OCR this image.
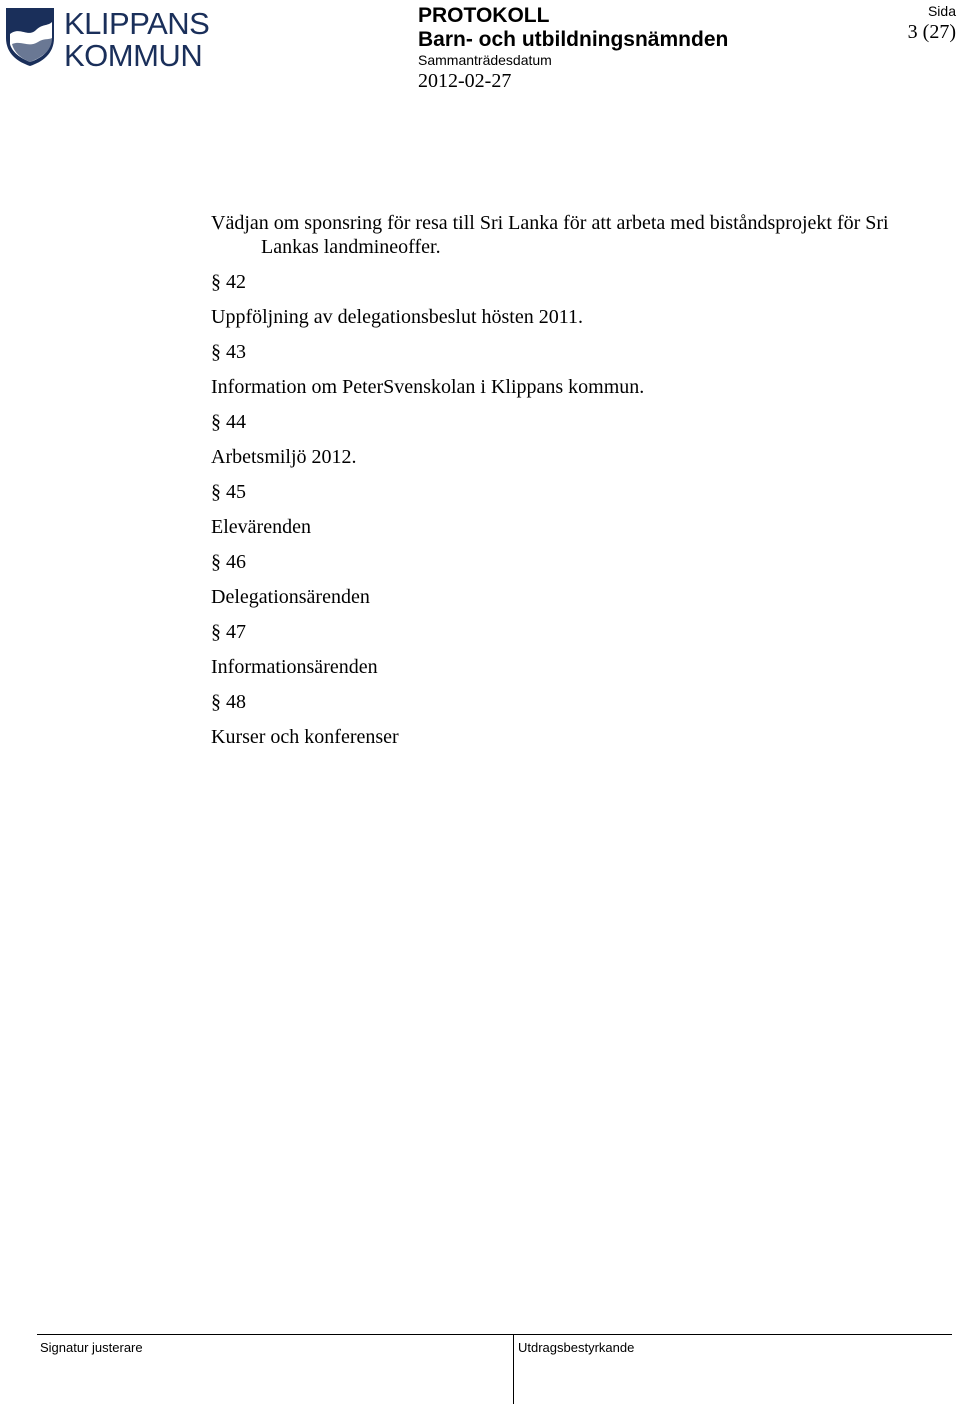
KLIPPANS
KOMMUN
PROTOKOLL
Barn- och utbildningsnämnden
Sammanträdesdatum
2012-02-27
Sida
3 (27)
Vädjan om sponsring för resa till Sri Lanka för att arbeta med biståndsprojekt för Sri Lankas landmineoffer.
§ 42
Uppföljning av delegationsbeslut hösten 2011.
§ 43
Information om PeterSvenskolan i Klippans kommun.
§ 44
Arbetsmiljö 2012.
§ 45
Elevärenden
§ 46
Delegationsärenden
§ 47
Informationsärenden
§ 48
Kurser och konferenser
Signatur justerare	Utdragsbestyrkande
